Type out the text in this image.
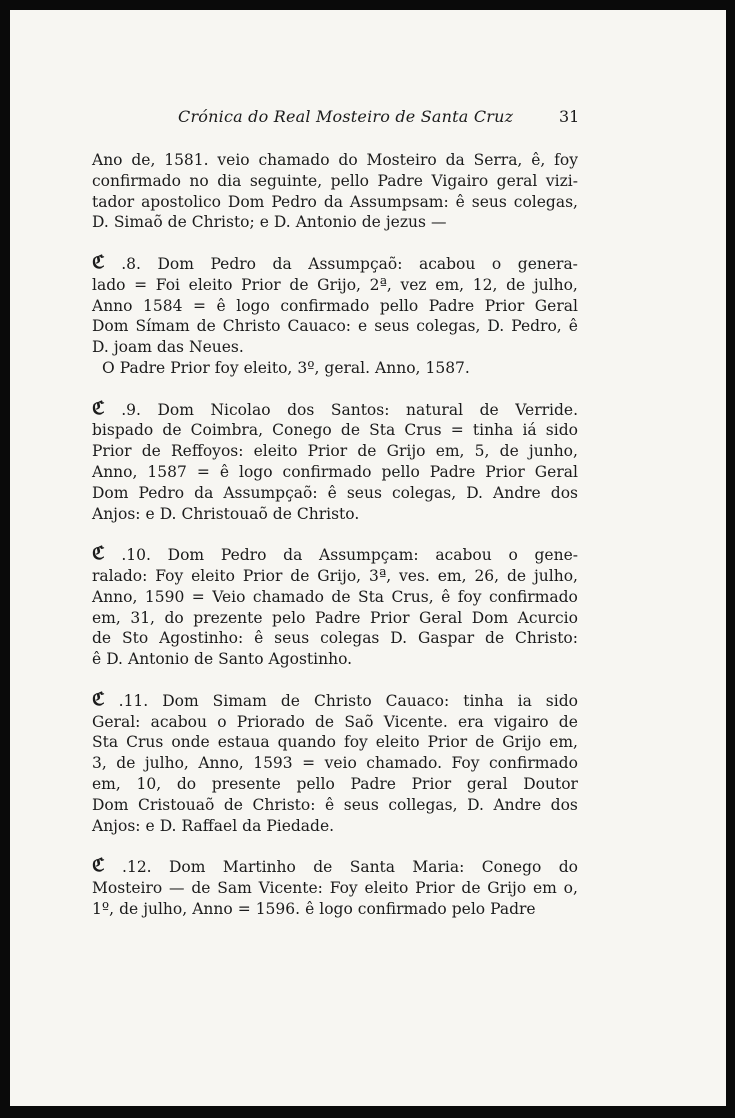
Crónica do Real Mosteiro de Santa Cruz	31
Ano de, 1581. veio chamado do Mosteiro da Serra, ê, foy
confirmado no dia seguinte, pello Padre Vigairo geral vizi-
tador apostolico Dom Pedro da Assumpsam: ê seus colegas,
D. Simaõ de Christo; e D. Antonio de jezus —
ℭ .8. Dom Pedro da Assumpçaõ: acabou o genera-
lado = Foi eleito Prior de Grijo, 2ª, vez em, 12, de julho,
Anno 1584 = ê logo confirmado pello Padre Prior Geral
Dom Símam de Christo Cauaco: e seus colegas, D. Pedro, ê
D. joam das Neues.
O Padre Prior foy eleito, 3º, geral. Anno, 1587.
ℭ .9. Dom Nicolao dos Santos: natural de Verride.
bispado de Coimbra, Conego de Sta Crus = tinha iá sido
Prior de Reffoyos: eleito Prior de Grijo em, 5, de junho,
Anno, 1587 = ê logo confirmado pello Padre Prior Geral
Dom Pedro da Assumpçaõ: ê seus colegas, D. Andre dos
Anjos: e D. Christouaõ de Christo.
ℭ .10. Dom Pedro da Assumpçam: acabou o gene-
ralado: Foy eleito Prior de Grijo, 3ª, ves. em, 26, de julho,
Anno, 1590 = Veio chamado de Sta Crus, ê foy confirmado
em, 31, do prezente pelo Padre Prior Geral Dom Acurcio
de Sto Agostinho: ê seus colegas D. Gaspar de Christo:
ê D. Antonio de Santo Agostinho.
ℭ .11. Dom Simam de Christo Cauaco: tinha ia sido
Geral: acabou o Priorado de Saõ Vicente. era vigairo de
Sta Crus onde estaua quando foy eleito Prior de Grijo em,
3, de julho, Anno, 1593 = veio chamado. Foy confirmado
em, 10, do presente pello Padre Prior geral Doutor
Dom Cristouaõ de Christo: ê seus collegas, D. Andre dos
Anjos: e D. Raffael da Piedade.
ℭ .12. Dom Martinho de Santa Maria: Conego do
Mosteiro — de Sam Vicente: Foy eleito Prior de Grijo em o,
1º, de julho, Anno = 1596. ê logo confirmado pelo Padre
